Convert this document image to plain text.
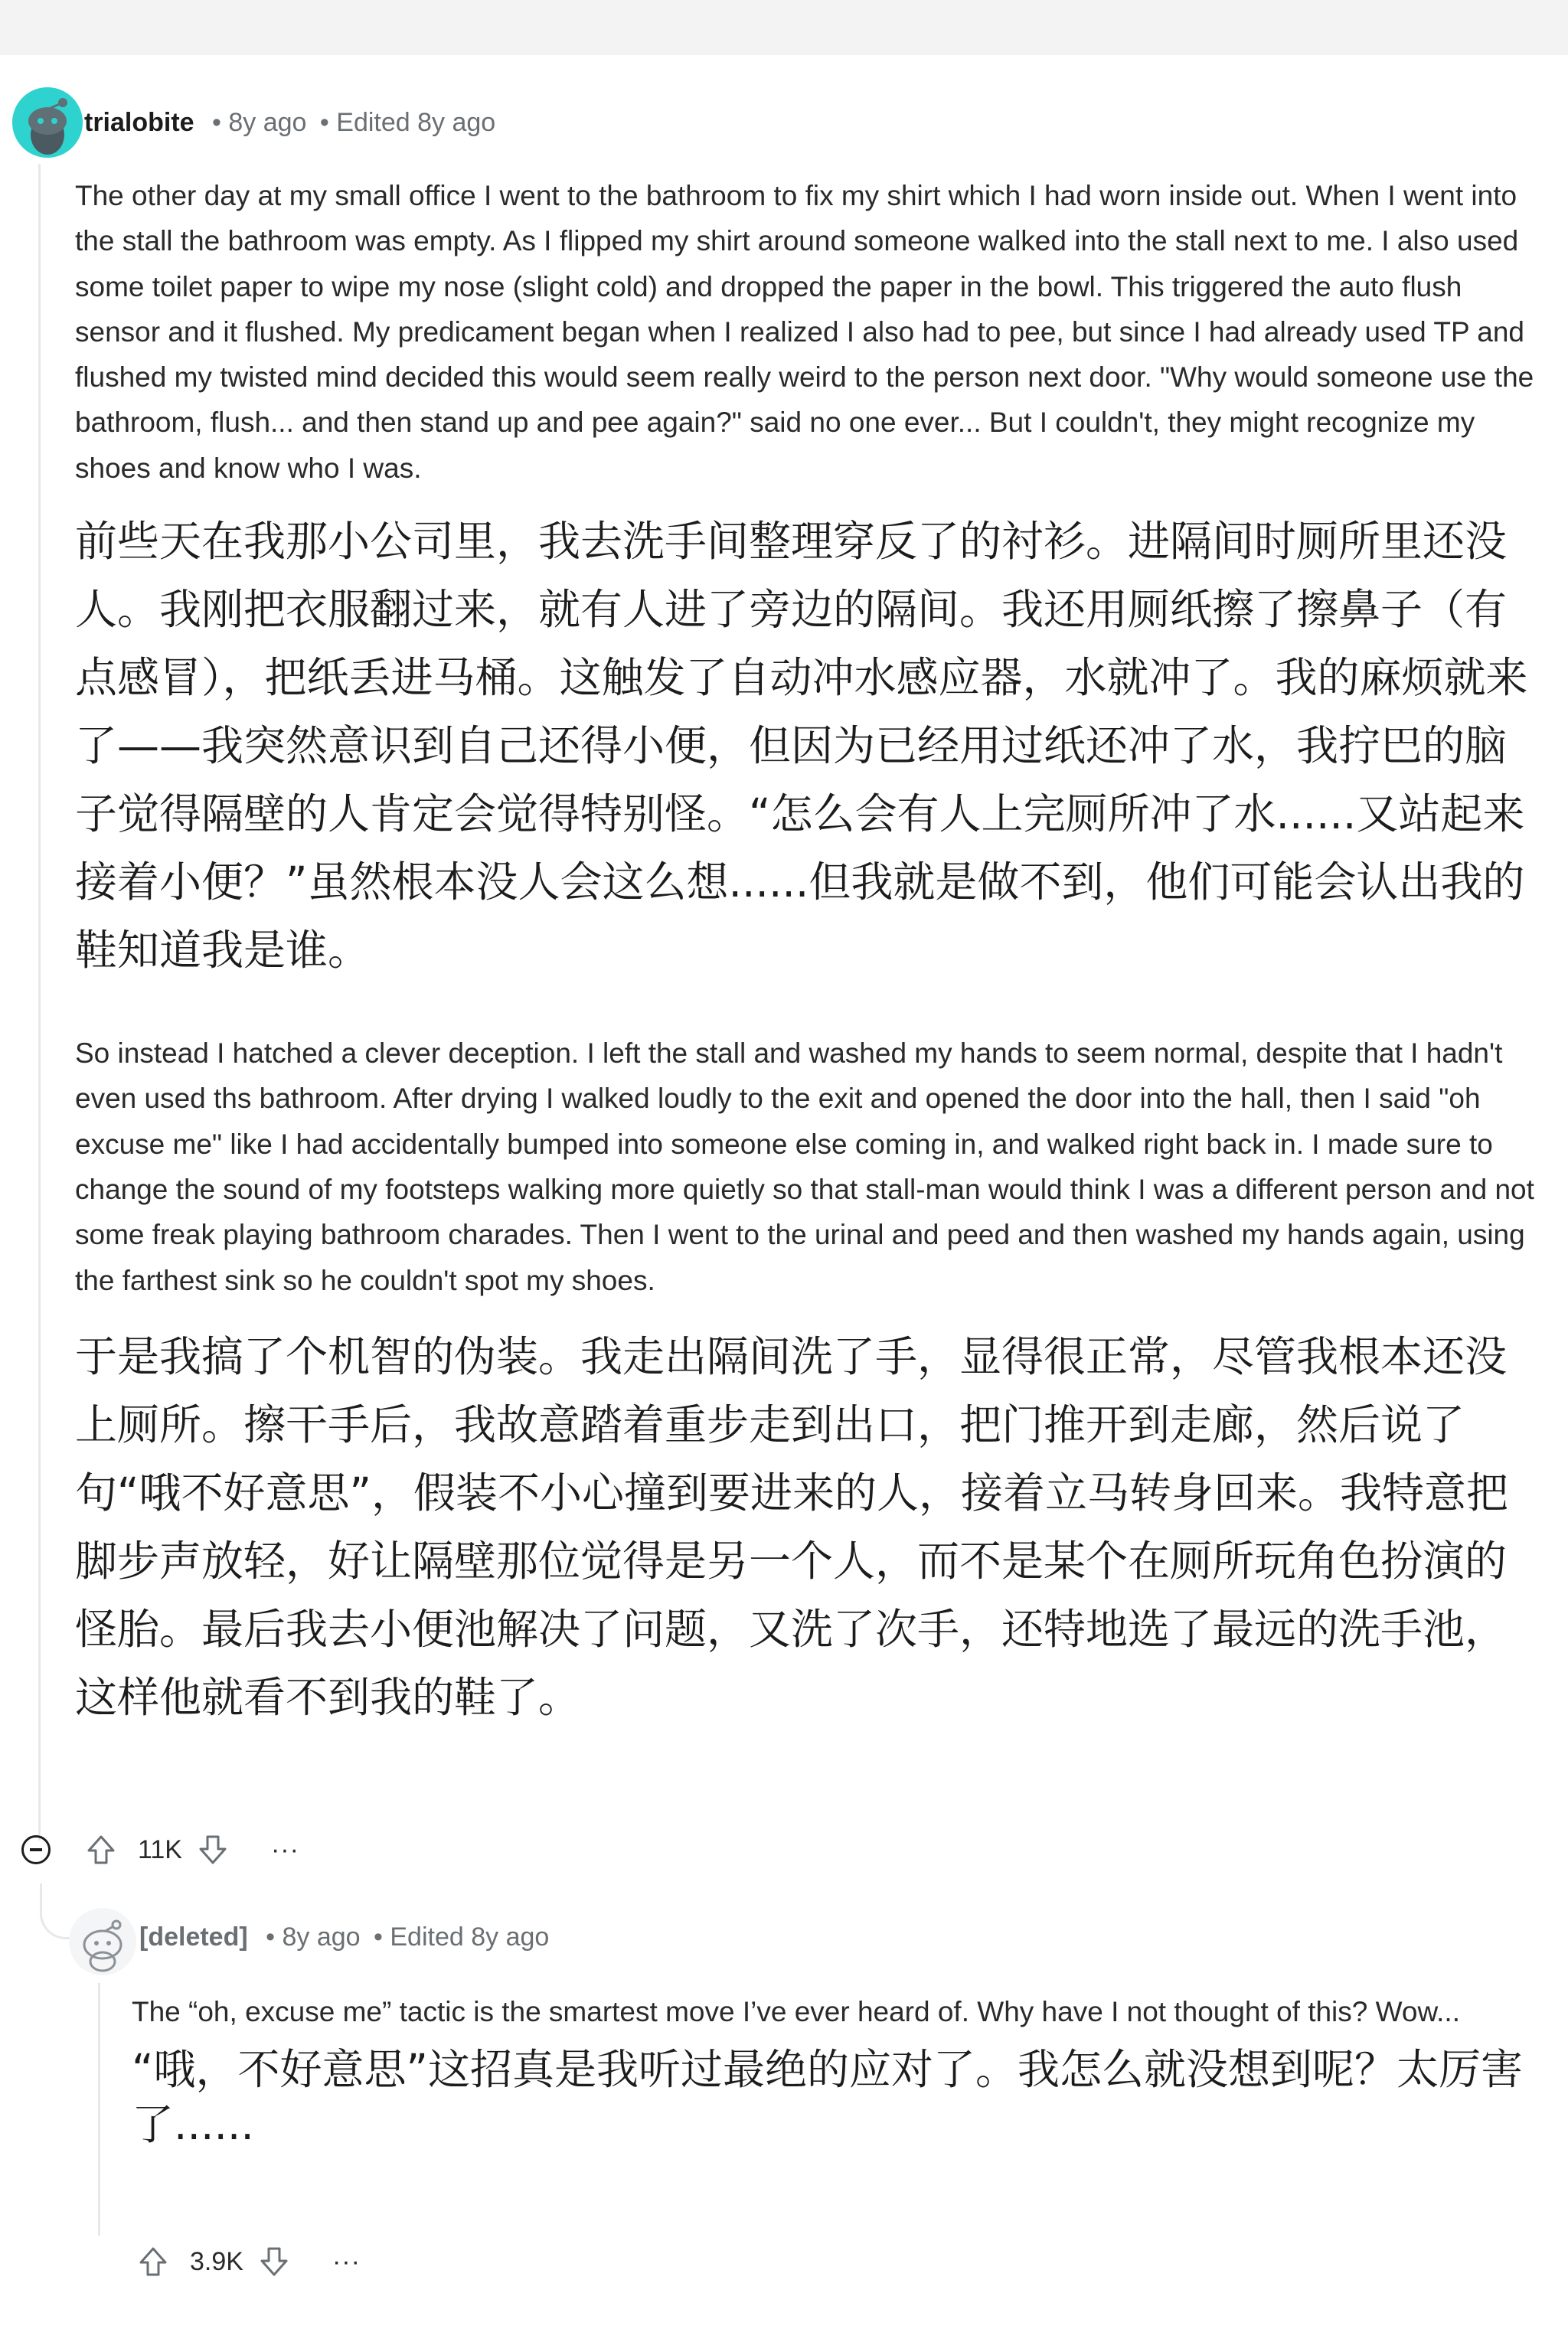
trialobite • 8y ago • Edited 8y ago

The other day at my small office I went to the bathroom to fix my shirt which I had worn inside out. When I went into the stall the bathroom was empty. As I flipped my shirt around someone walked into the stall next to me. I also used some toilet paper to wipe my nose (slight cold) and dropped the paper in the bowl. This triggered the auto flush sensor and it flushed. My predicament began when I realized I also had to pee, but since I had already used TP and flushed my twisted mind decided this would seem really weird to the person next door. "Why would someone use the bathroom, flush... and then stand up and pee again?" said no one ever... But I couldn't, they might recognize my shoes and know who I was.

前些天在我那小公司里，我去洗手间整理穿反了的衬衫。进隔间时厕所里还没人。我刚把衣服翻过来，就有人进了旁边的隔间。我还用厕纸擦了擦鼻子（有点感冒），把纸丢进马桶。这触发了自动冲水感应器，水就冲了。我的麻烦就来了——我突然意识到自己还得小便，但因为已经用过纸还冲了水，我拧巴的脑子觉得隔壁的人肯定会觉得特别怪。“怎么会有人上完厕所冲了水......又站起来接着小便？”虽然根本没人会这么想......但我就是做不到，他们可能会认出我的鞋知道我是谁。

So instead I hatched a clever deception. I left the stall and washed my hands to seem normal, despite that I hadn't even used ths bathroom. After drying I walked loudly to the exit and opened the door into the hall, then I said "oh excuse me" like I had accidentally bumped into someone else coming in, and walked right back in. I made sure to change the sound of my footsteps walking more quietly so that stall-man would think I was a different person and not some freak playing bathroom charades. Then I went to the urinal and peed and then washed my hands again, using the farthest sink so he couldn't spot my shoes.

于是我搞了个机智的伪装。我走出隔间洗了手，显得很正常，尽管我根本还没上厕所。擦干手后，我故意踏着重步走到出口，把门推开到走廊，然后说了句“哦不好意思”，假装不小心撞到要进来的人，接着立马转身回来。我特意把脚步声放轻，好让隔壁那位觉得是另一个人，而不是某个在厕所玩角色扮演的怪胎。最后我去小便池解决了问题，又洗了次手，还特地选了最远的洗手池，这样他就看不到我的鞋了。

11K	···
[deleted] • 8y ago • Edited 8y ago

The “oh, excuse me” tactic is the smartest move I’ve ever heard of. Why have I not thought of this? Wow...

“哦，不好意思”这招真是我听过最绝的应对了。我怎么就没想到呢？太厉害了......

3.9K	···
